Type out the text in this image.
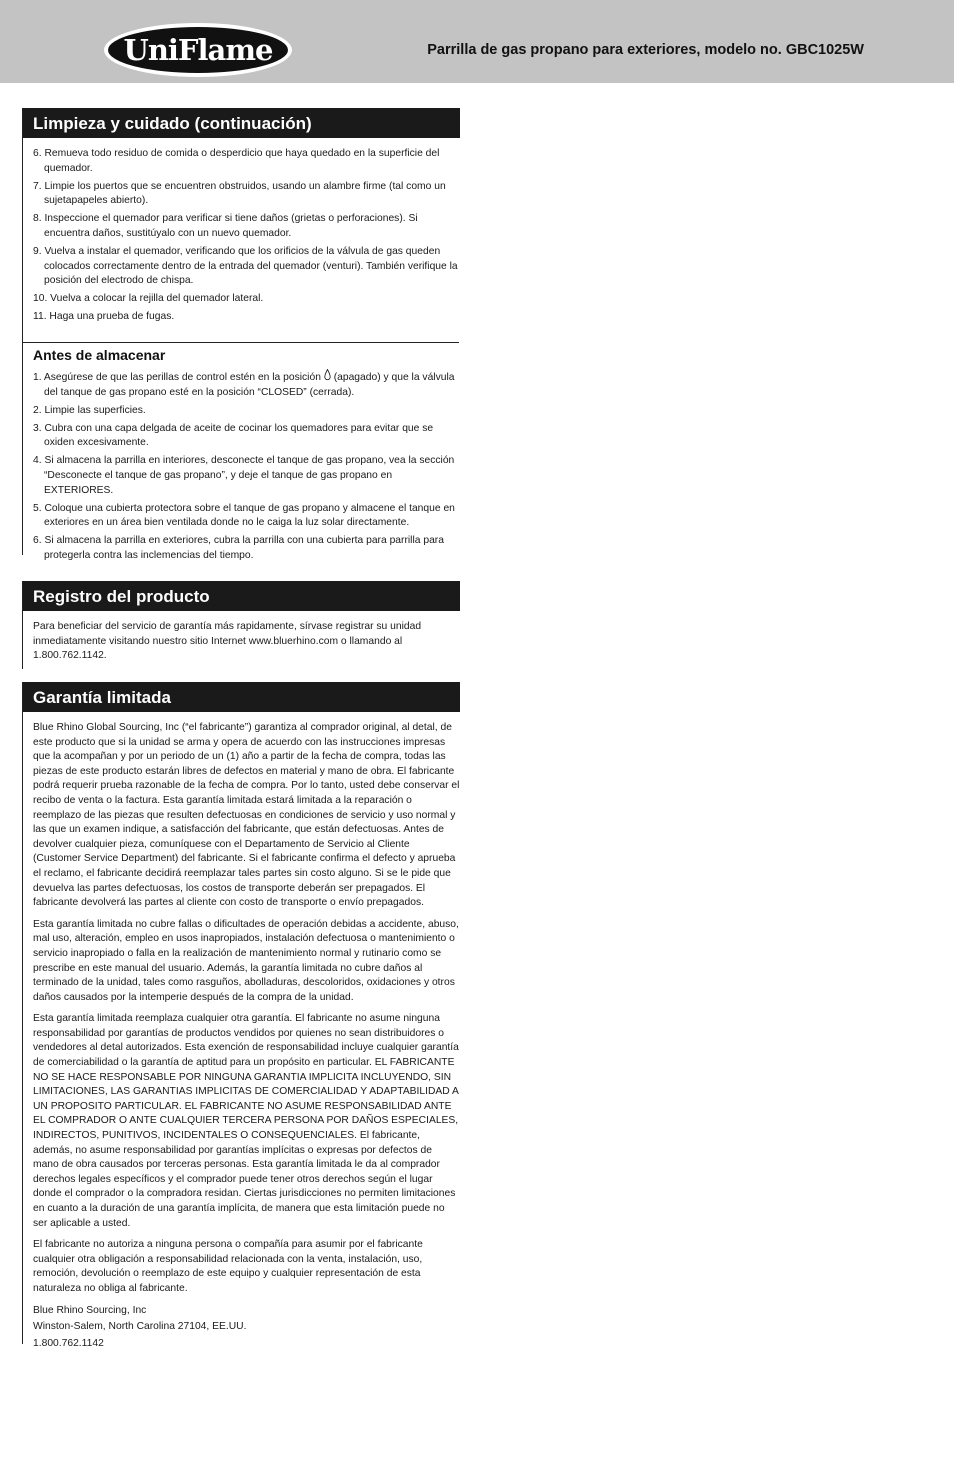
UniFlame	Parrilla de gas propano para exteriores, modelo no. GBC1025W
Limpieza y cuidado (continuación)
6. Remueva todo residuo de comida o desperdicio que haya quedado en la superficie del quemador.
7. Limpie los puertos que se encuentren obstruidos, usando un alambre firme (tal como un sujetapapeles abierto).
8. Inspeccione el quemador para verificar si tiene daños (grietas o perforaciones). Si encuentra daños, sustitúyalo con un nuevo quemador.
9. Vuelva a instalar el quemador, verificando que los orificios de la válvula de gas queden colocados correctamente dentro de la entrada del quemador (venturi). También verifique la posición del electrodo de chispa.
10. Vuelva a colocar la rejilla del quemador lateral.
11. Haga una prueba de fugas.
Antes de almacenar
1. Asegúrese de que las perillas de control estén en la posición (apagado) y que la válvula del tanque de gas propano esté en la posición “CLOSED” (cerrada).
2. Limpie las superficies.
3. Cubra con una capa delgada de aceite de cocinar los quemadores para evitar que se oxiden excesivamente.
4. Si almacena la parrilla en interiores, desconecte el tanque de gas propano, vea la sección “Desconecte el tanque de gas propano”, y deje el tanque de gas propano en EXTERIORES.
5. Coloque una cubierta protectora sobre el tanque de gas propano y almacene el tanque en exteriores en un área bien ventilada donde no le caiga la luz solar directamente.
6. Si almacena la parrilla en exteriores, cubra la parrilla con una cubierta para parrilla para protegerla contra las inclemencias del tiempo.
Registro del producto

Para beneficiar del servicio de garantía más rapidamente, sírvase registrar su unidad inmediatamente visitando nuestro sitio Internet www.bluerhino.com o llamando al 1.800.762.1142.

Garantía limitada

Blue Rhino Global Sourcing, Inc (“el fabricante”) garantiza al comprador original, al detal, de este producto que si la unidad se arma y opera de acuerdo con las instrucciones impresas que la acompañan y por un periodo de un (1) año a partir de la fecha de compra, todas las piezas de este producto estarán libres de defectos en material y mano de obra. El fabricante podrá requerir prueba razonable de la fecha de compra. Por lo tanto, usted debe conservar el recibo de venta o la factura. Esta garantía limitada estará limitada a la reparación o reemplazo de las piezas que resulten defectuosas en condiciones de servicio y uso normal y las que un examen indique, a satisfacción del fabricante, que están defectuosas. Antes de devolver cualquier pieza, comuníquese con el Departamento de Servicio al Cliente (Customer Service Department) del fabricante. Si el fabricante confirma el defecto y aprueba el reclamo, el fabricante decidirá reemplazar tales partes sin costo alguno. Si se le pide que devuelva las partes defectuosas, los costos de transporte deberán ser prepagados. El fabricante devolverá las partes al cliente con costo de transporte o envío prepagados.

Esta garantía limitada no cubre fallas o dificultades de operación debidas a accidente, abuso, mal uso, alteración, empleo en usos inapropiados, instalación defectuosa o mantenimiento o servicio inapropiado o falla en la realización de mantenimiento normal y rutinario como se prescribe en este manual del usuario. Además, la garantía limitada no cubre daños al terminado de la unidad, tales como rasguños, abolladuras, descoloridos, oxidaciones y otros daños causados por la intemperie después de la compra de la unidad.

Esta garantía limitada reemplaza cualquier otra garantía. El fabricante no asume ninguna responsabilidad por garantías de productos vendidos por quienes no sean distribuidores o vendedores al detal autorizados. Esta exención de responsabilidad incluye cualquier garantía de comerciabilidad o la garantía de aptitud para un propósito en particular. EL FABRICANTE NO SE HACE RESPONSABLE POR NINGUNA GARANTIA IMPLICITA INCLUYENDO, SIN LIMITACIONES, LAS GARANTIAS IMPLICITAS DE COMERCIALIDAD Y ADAPTABILIDAD A UN PROPOSITO PARTICULAR. EL FABRICANTE NO ASUME RESPONSABILIDAD ANTE EL COMPRADOR O ANTE CUALQUIER TERCERA PERSONA POR DAÑOS ESPECIALES, INDIRECTOS, PUNITIVOS, INCIDENTALES O CONSEQUENCIALES. El fabricante, además, no asume responsabilidad por garantías implícitas o expresas por defectos de mano de obra causados por terceras personas. Esta garantía limitada le da al comprador derechos legales específicos y el comprador puede tener otros derechos según el lugar donde el comprador o la compradora residan. Ciertas jurisdicciones no permiten limitaciones en cuanto a la duración de una garantía implícita, de manera que esta limitación puede no ser aplicable a usted.

El fabricante no autoriza a ninguna persona o compañía para asumir por el fabricante cualquier otra obligación a responsabilidad relacionada con la venta, instalación, uso, remoción, devolución o reemplazo de este equipo y cualquier representación de esta naturaleza no obliga al fabricante.

Blue Rhino Sourcing, Inc
Winston-Salem, North Carolina 27104, EE.UU.
1.800.762.1142
